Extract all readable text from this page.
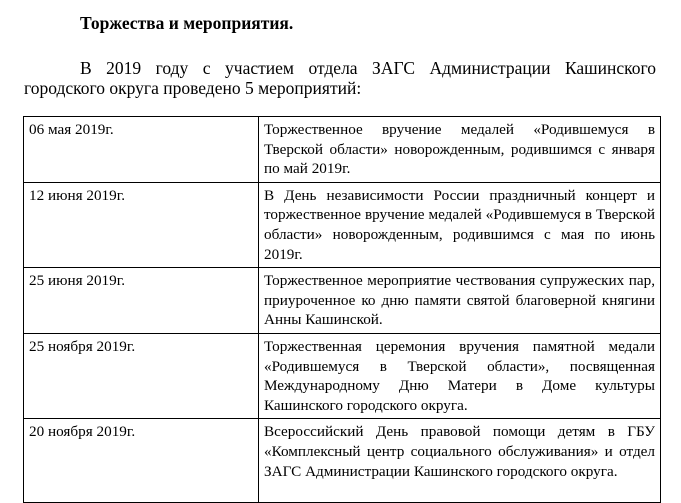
Торжества и мероприятия.
В 2019 году с участием отдела ЗАГС Администрации Кашинского городского округа проведено 5 мероприятий:
06 мая 2019г.	Торжественное вручение медалей «Родившемуся в Тверской области» новорожденным, родившимся с января по май 2019г.
12 июня 2019г.	В День независимости России праздничный концерт и торжественное вручение медалей «Родившемуся в Тверской области» новорожденным, родившимся с мая по июнь 2019г.
25 июня 2019г.	Торжественное мероприятие чествования супружеских пар, приуроченное ко дню памяти святой благоверной княгини Анны Кашинской.
25 ноября 2019г.	Торжественная церемония вручения памятной медали «Родившемуся в Тверской области», посвященная Международному Дню Матери в Доме культуры Кашинского городского округа.
20 ноября 2019г.	Всероссийский День правовой помощи детям в ГБУ «Комплексный центр социального обслуживания» и отдел ЗАГС Администрации Кашинского городского округа.
